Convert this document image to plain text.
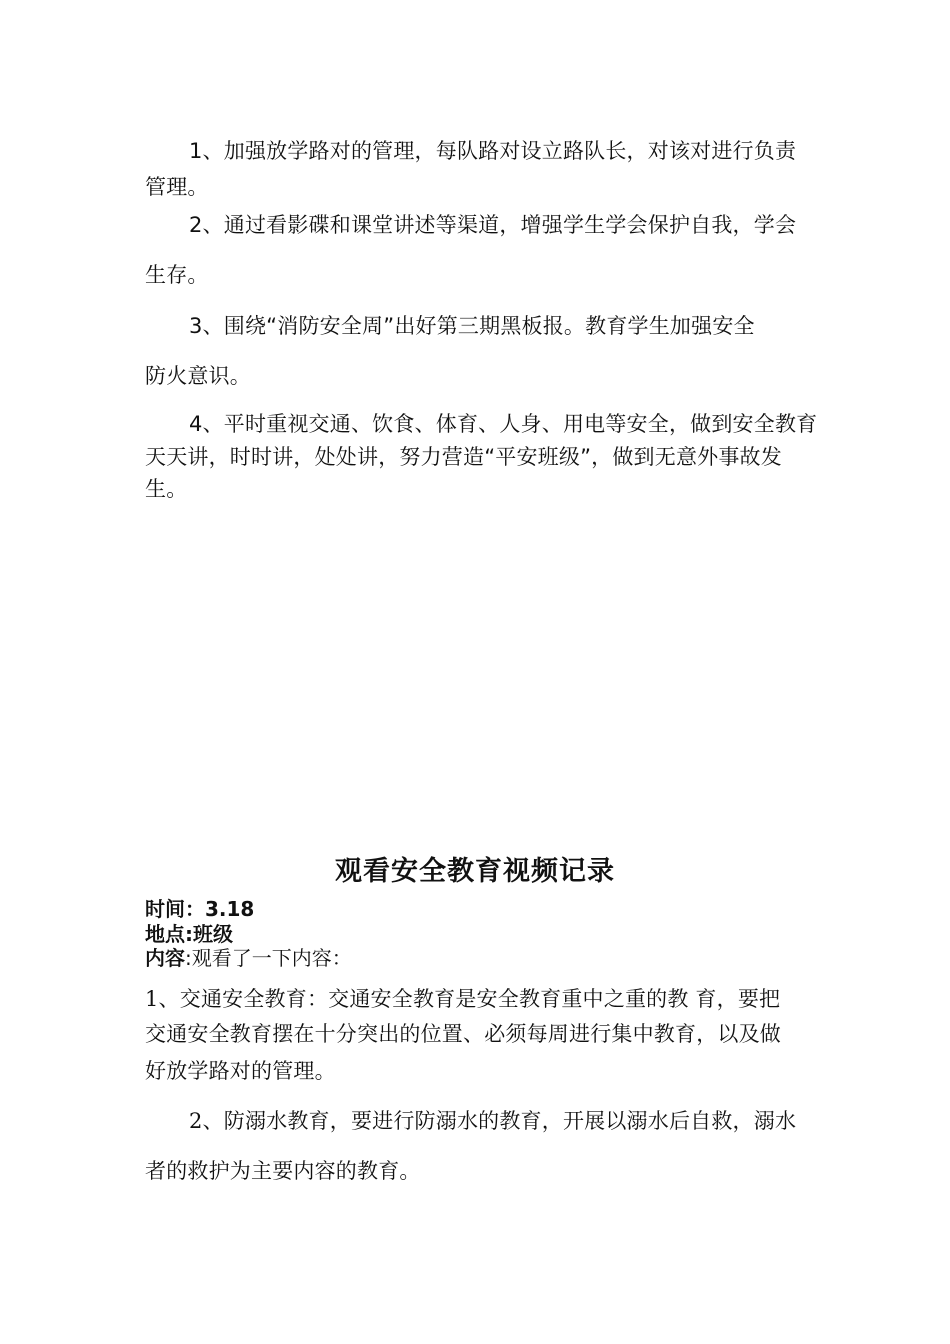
1、加强放学路对的管理，每队路对设立路队长，对该对进行负责
管理。
2、通过看影碟和课堂讲述等渠道，增强学生学会保护自我，学会
生存。
3、围绕“消防安全周”出好第三期黑板报。教育学生加强安全
防火意识。
4、平时重视交通、饮食、体育、人身、用电等安全，做到安全教育
天天讲，时时讲，处处讲，努力营造“平安班级”，做到无意外事故发
生。
观看安全教育视频记录
时间：3.18
地点:班级
内容:观看了一下内容：
1、交通安全教育：交通安全教育是安全教育重中之重的教 育，要把
交通安全教育摆在十分突出的位置、必须每周进行集中教育，以及做
好放学路对的管理。
2、防溺水教育，要进行防溺水的教育，开展以溺水后自救，溺水
者的救护为主要内容的教育。
